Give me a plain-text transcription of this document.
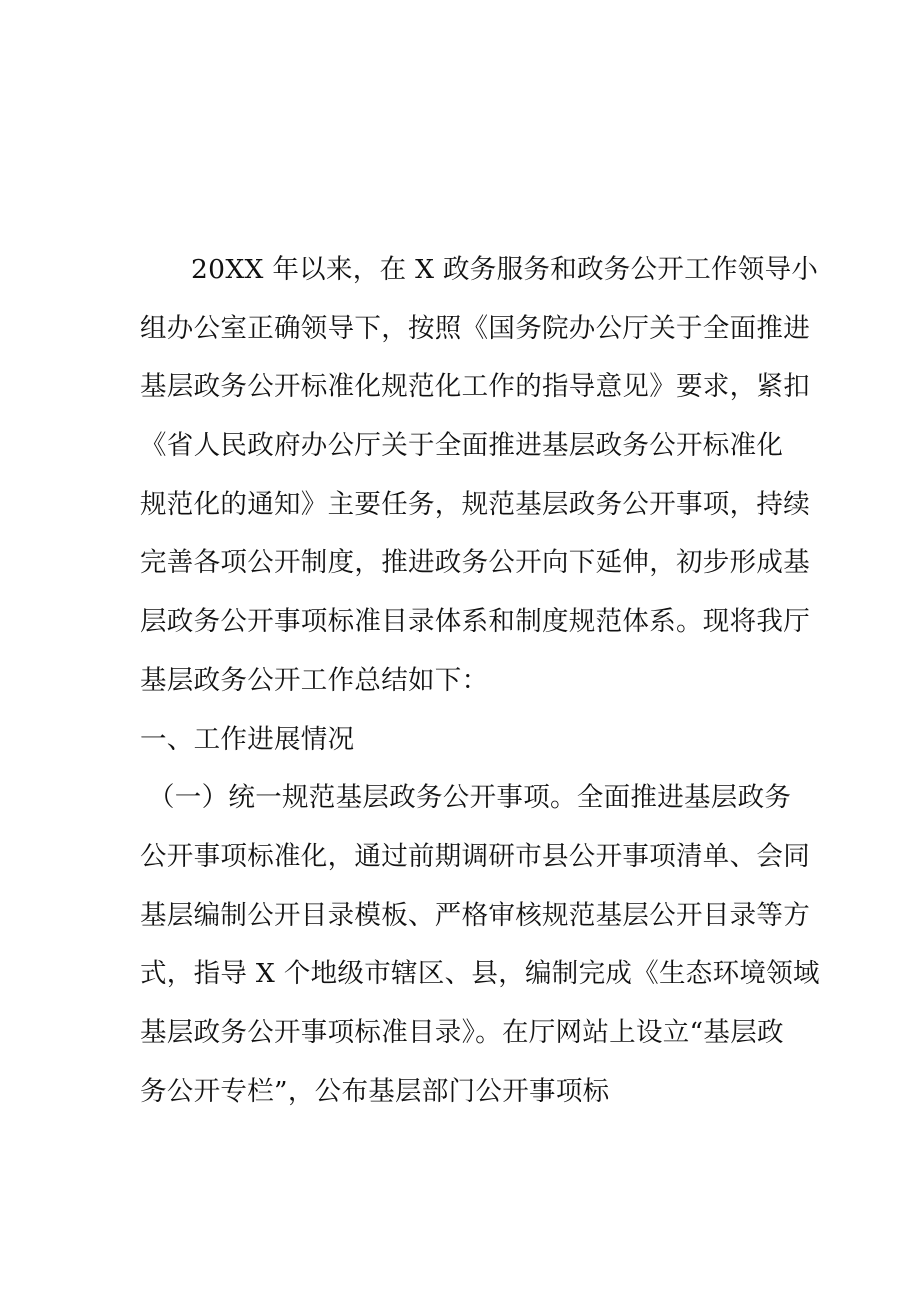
20XX 年以来，在 X 政务服务和政务公开工作领导小
组办公室正确领导下，按照《国务院办公厅关于全面推进
基层政务公开标准化规范化工作的指导意见》要求，紧扣
《省人民政府办公厅关于全面推进基层政务公开标准化
规范化的通知》主要任务，规范基层政务公开事项，持续
完善各项公开制度，推进政务公开向下延伸，初步形成基
层政务公开事项标准目录体系和制度规范体系。现将我厅
基层政务公开工作总结如下：
一、工作进展情况
（一）统一规范基层政务公开事项。全面推进基层政务
公开事项标准化，通过前期调研市县公开事项清单、会同
基层编制公开目录模板、严格审核规范基层公开目录等方
式，指导 X 个地级市辖区、县，编制完成《生态环境领域
基层政务公开事项标准目录》。在厅网站上设立“基层政
务公开专栏”，公布基层部门公开事项标
